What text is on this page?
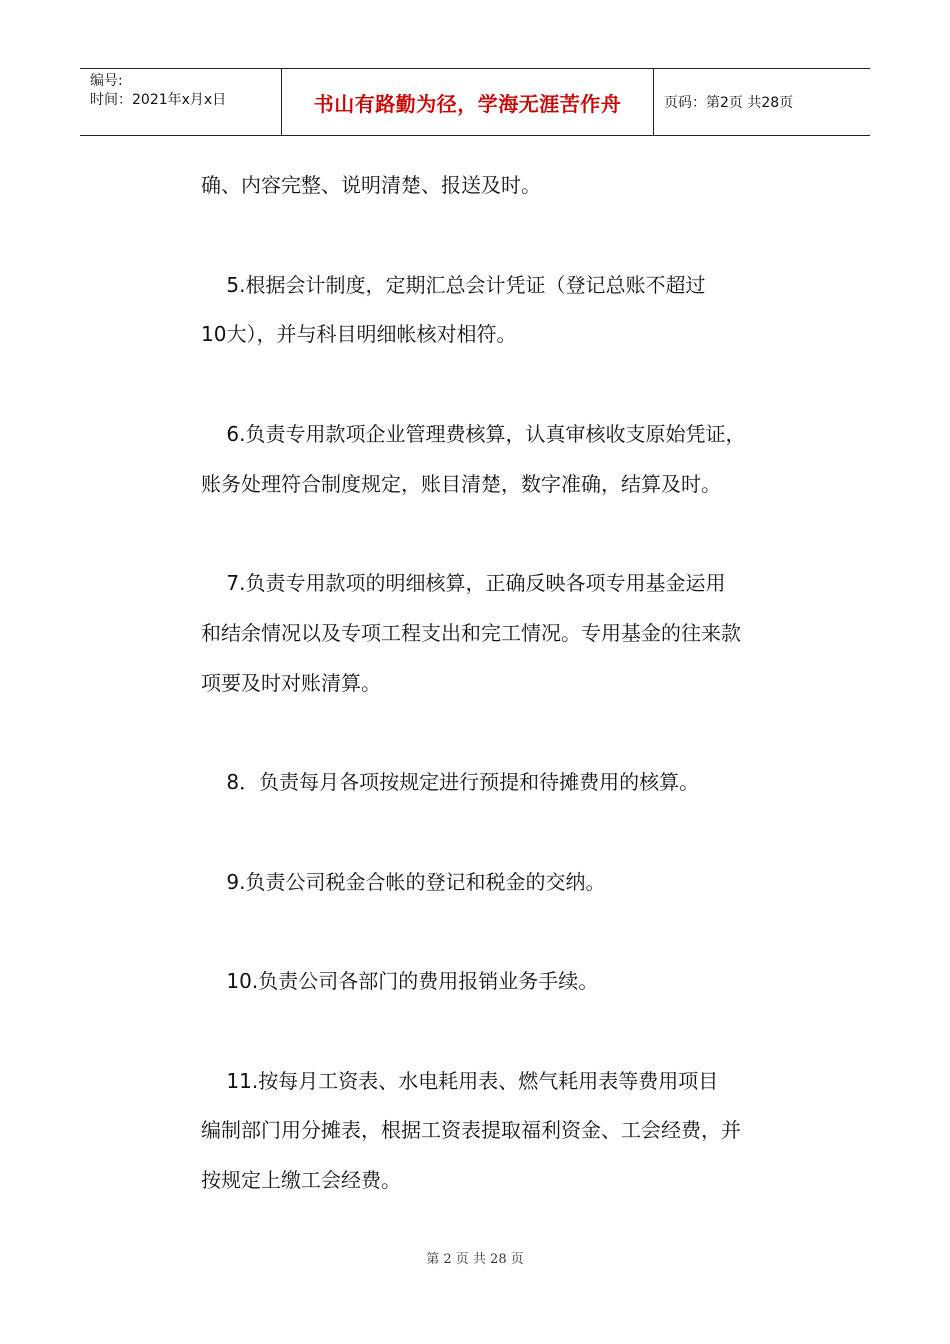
编号:
时间：2021年x月x日	书山有路勤为径，学海无涯苦作舟	页码：第2页 共28页
确、内容完整、说明清楚、报送及时。
5.根据会计制度，定期汇总会计凭证（登记总账不超过
10大），并与科目明细帐核对相符。
6.负责专用款项企业管理费核算，认真审核收支原始凭证，
账务处理符合制度规定，账目清楚，数字准确，结算及时。
7.负责专用款项的明细核算，正确反映各项专用基金运用
和结余情况以及专项工程支出和完工情况。专用基金的往来款
项要及时对账清算。
8．负责每月各项按规定进行预提和待摊费用的核算。
9.负责公司税金合帐的登记和税金的交纳。
10.负责公司各部门的费用报销业务手续。
11.按每月工资表、水电耗用表、燃气耗用表等费用项目
编制部门用分摊表，根据工资表提取福利资金、工会经费，并
按规定上缴工会经费。
第 2 页 共 28 页
